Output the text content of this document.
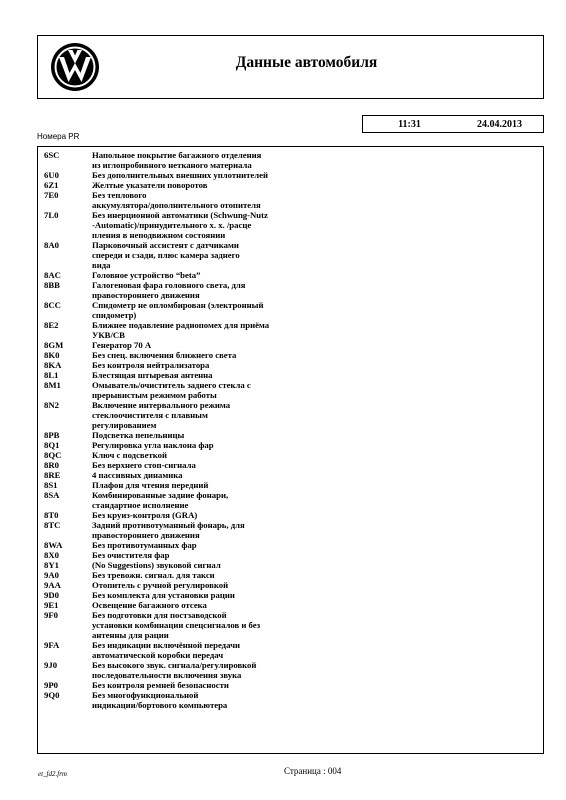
Данные автомобиля
11:31	24.04.2013
Номера PR
6SC	Напольное покрытие багажного отделения
из иглопробивного нетканого материала
6U0	Без дополнительных внешних уплотнителей
6Z1	Желтые указатели поворотов
7E0	Без теплового
аккумулятора/дополнительного отопителя
7L0	Без инерционной автоматики (Schwung-Nutz
-Automatic)/принудительного х. х. /расце
пления в неподвижном состоянии
8A0	Парковочный ассистент с датчиками
спереди и сзади, плюс камера заднего
вида
8AC	Головное устройство “beta”
8BB	Галогеновая фара головного света, для
правостороннего движения
8CC	Спидометр не опломбирован (электронный
спидометр)
8E2	Ближнее подавление радиопомех для приёма
УКВ/СВ
8GM	Генератор 70 А
8K0	Без спец. включения ближнего света
8KA	Без контроля нейтрализатора
8L1	Блестящая штыревая антенна
8M1	Омыватель/очиститель заднего стекла с
прерывистым режимом работы
8N2	Включение интервального режима
стеклоочистителя с плавным
регулированием
8PB	Подсветка пепельницы
8Q1	Регулировка угла наклона фар
8QC	Ключ с подсветкой
8R0	Без верхнего стоп-сигнала
8RE	4 пассивных динамика
8S1	Плафон для чтения передний
8SA	Комбинированные задние фонари,
стандартное исполнение
8T0	Без круиз-контроля (GRA)
8TC	Задний противотуманный фонарь, для
правостороннего движения
8WA	Без противотуманных фар
8X0	Без очистителя фар
8Y1	(No Suggestions) звуковой сигнал
9A0	Без тревожн. сигнал. для такси
9AA	Отопитель с ручной регулировкой
9D0	Без комплекта для установки рации
9E1	Освещение багажного отсека
9F0	Без подготовки для постзаводской
установки комбинации спецсигналов и без
антенны для рации
9FA	Без индикации включённой передачи
автоматической коробки передач
9J0	Без высокого звук. сигнала/регулировкой
последовательности включения звука
9P0	Без контроля ремней безопасности
9Q0	Без многофункциональной
индикации/бортового компьютера
et_fd2.frm	Страница : 004
